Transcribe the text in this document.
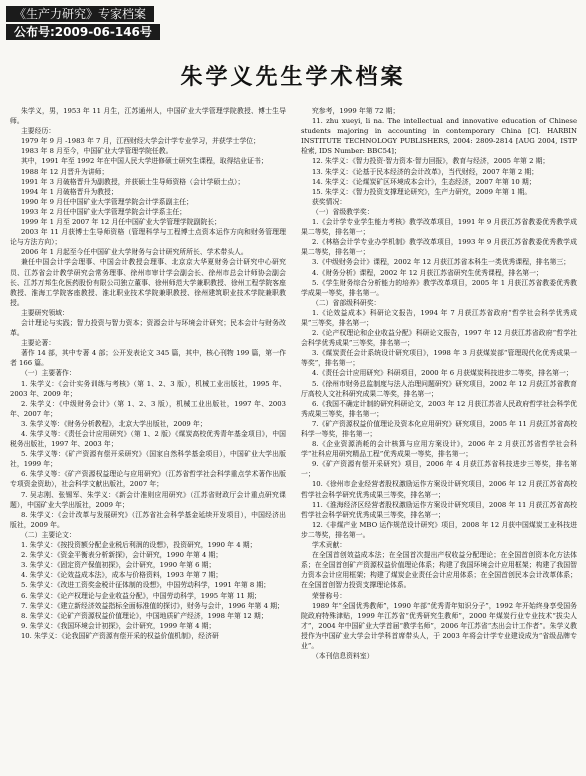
《生产力研究》专家档案
公布号:2009-06-146号
朱学义先生学术档案

朱学义，男，1953 年 11 月生，江苏通州人，中国矿业大学管理学院教授、博士生导师。

主要经历：

1979 年 9 月 -1983 年 7 月，江西财经大学会计学专业学习，并获学士学位；

1983 年 8 月至今，中国矿业大学管理学院任教。

其中，1991 年至 1992 年在中国人民大学进修硕士研究生课程，取得结业证书；

1988 年 12 月晋升为讲师；

1991 年 3 月破格晋升为副教授，并获硕士生导师资格（会计学硕士点）；

1994 年 1 月破格晋升为教授；

1990 年 9 月任中国矿业大学管理学院会计学系副主任；

1993 年 2 月任中国矿业大学管理学院会计学系主任；

1999 年 1 月至 2007 年 12 月任中国矿业大学管理学院副院长；

2003 年 11 月获博士生导师资格（管理科学与工程博士点资本运作方向和财务管理理论与方法方向）；

2006 年 1 月起至今任中国矿业大学财务与会计研究所所长、学术带头人。

兼任中国会计学会理事、中国会计教授会理事、北京京大华夏财务会计研究中心研究员、江苏省会计教学研究会常务理事、徐州市审计学会副会长、徐州市总会计师协会副会长、江苏万邦生化医药股份有限公司独立董事、徐州师范大学兼职教授、徐州工程学院客座教授、淮海工学院客座教授、淮北职业技术学院兼职教授、徐州建筑职业技术学院兼职教授。

主要研究领域：

会计理论与实践；智力投资与智力资本；资源会计与环境会计研究；民本会计与财务改革。

主要论著：

著作 14 部，其中专著 4 部；公开发表论文 345 篇，其中，核心刊物 199 篇，第一作者 166 篇。

（一）主要著作：

1. 朱学义：《会计实务训练与考核》（第 1、2、3 版），机械工业出版社，1995 年、2003 年、2009 年；

2. 朱学义：《中级财务会计》（第 1、2、3 版），机械工业出版社，1997 年、2003 年、2007 年；

3. 朱学义等：《财务分析教程》，北京大学出版社，2009 年；

4. 朱学义等：《责任会计应用研究》（第 1、2 版）《煤炭高校优秀青年基金项目》，中国税务出版社，1997 年、2003 年；

5. 朱学义等：《矿产资源有偿开采研究》（国家自然科学基金项目），中国矿业大学出版社，1999 年；

6. 朱学义等：《矿产资源权益理论与应用研究》（江苏省哲学社会科学重点学术著作出版专项资金资助），社会科学文献出版社，2007 年；

7. 吴志刚、张锡军、朱学义：《新会计准则应用研究》（江苏省财政厅会计重点研究课题），中国矿业大学出版社，2009 年；

8. 朱学义：《会计改革与发展研究》（江苏省社会科学基金延续开发项目），中国经济出版社，2009 年。

（二）主要论文：

1. 朱学义：《按投资额分配企业税后利润的设想》，投资研究，1990 年 4 期；

2. 朱学义：《资金平衡表分析新探》，会计研究，1990 年第 4 期；

3. 朱学义：《固定资产保值初探》，会计研究，1990 年第 6 期；

4. 朱学义：《论效益成本法》，成本与价格资料，1993 年第 7 期；

5. 朱学义：《改进工资奖金税计征体制的设想》，中国劳动科学，1991 年第 8 期；

6. 朱学义：《论产权理论与企业收益分配》，中国劳动科学，1995 年第 11 期；

7. 朱学义：《建立新经济效益指标全面标准值的探讨》，财务与会计，1996 年第 4 期；

8. 朱学义：《论矿产资源权益价值理论》，中国地质矿产经济，1998 年第 12 期；

9. 朱学义：《我国环境会计初探》，会计研究，1999 年第 4 期；

10. 朱学义：《论我国矿产资源有偿开采的权益价值机制》，经济研

究参考，1999 年第 72 期；

11. zhu xueyi, li na. The intellectual and innovative education of Chinese students majoring in accounting in contemporary China [C]. HARBIN INSTITUTE TECHNOLOGY PUBLISHERS, 2004: 2809-2814 [AUG 2004, ISTP 检索, IDS Number: BBC54]；

12. 朱学义：《智力投资·智力资本·智力回报》，教育与经济，2005 年第 2 期；

13. 朱学义：《论基于民本经济的会计改革》，当代财经，2007 年第 2 期；

14. 朱学义：《论煤炭矿区环境成本会计》，生态经济，2007 年第 10 期；

15. 朱学义：《智力投资支撑理论研究》，生产力研究，2009 年第 1 期。

获奖情况：

（一）省级教学奖：

1.《会计学专业学生能力考核》教学改革项目，1991 年 9 月获江苏省教委优秀教学成果二等奖，排名第一；

2.《林格会计学专业办学机制》教学改革项目，1993 年 9 月获江苏省教委优秀教学成果二等奖，排名第一；

3.《中级财务会计》课程，2002 年 12 月获江苏省本科生一类优秀课程，排名第三；

4.《财务分析》课程，2002 年 12 月获江苏省研究生优秀课程，排名第一；

5.《学生财务综合分析能力的培养》教学改革项目，2005 年 1 月获江苏省教委优秀教学成果一等奖，排名第一。

（二）省部级科研奖：

1.《论效益成本》科研论文报告，1994 年 7 月获江苏省政府“哲学社会科学优秀成果”三等奖，排名第一；

2.《论产权理论和企业收益分配》科研论文报告，1997 年 12 月获江苏省政府“哲学社会科学优秀成果”三等奖，排名第一；

3.《煤炭责任会计系统设计研究项目》，1998 年 3 月获煤炭部“管理现代化优秀成果一等奖”，排名第一；

4.《责任会计应用研究》科研项目，2000 年 6 月获煤炭科技进步二等奖，排名第一；

5.《徐州市财务总监制度与法人治理问题研究》研究项目，2002 年 12 月获江苏省教育厅高校人文社科研究成果二等奖，排名第一；

6.《我国不确定计制的研究科研论文，2003 年 12 月获江苏省人民政府哲学社会科学优秀成果三等奖，排名第一；

7.《矿产资源权益价值理论及资本化应用研究》研究项目，2005 年 11 月获江苏省高校科学一等奖，排名第一；

8.《企业资源消耗的会计核算与应用方案设计》，2006 年 2 月获江苏省哲学社会科学“社科应用研究精品工程”优秀成果一等奖，排名第一；

9.《矿产资源有偿开采研究》项目，2006 年 4 月获江苏省科技进步三等奖，排名第一；

10.《徐州市企业经营者股权激励运作方案设计研究项目，2006 年 12 月获江苏省高校哲学社会科学研究优秀成果三等奖，排名第一；

11.《淮海经济区经营者股权激励运作方案设计研究项目，2008 年 11 月获江苏省高校哲学社会科学研究优秀成果三等奖，排名第一；

12.《非煤产业 MBO 运作规范设计研究》项目，2008 年 12 月获中国煤炭工业科技进步二等奖，排名第一。

学术贡献：

在全国首创效益成本法；在全国首次提出产权收益分配理论；在全国首创资本化方法体系；在全国首创矿产资源权益价值理论体系；构建了我国环境会计应用框架；构建了我国智力资本会计应用框架；构建了煤炭企业责任会计应用体系；在全国首创民本会计改革体系；在全国首创智力投资支撑理论体系。

荣誉称号：

1989 年“全国优秀教师”，1990 年部“优秀青年知识分子”，1992 年开始终身享受国务院政府特殊津贴，1999 年江苏省“优秀研究生教师”，2000 年煤炭行业专业技术“拔尖人才”，2004 年中国矿业大学首届“教学名师”，2006 年江苏省“杰出会计工作者”。朱学义教授作为中国矿业大学会计学科首席带头人，于 2003 年将会计学专业建设成为“省级品牌专业”。

（本刊信息资料室）
